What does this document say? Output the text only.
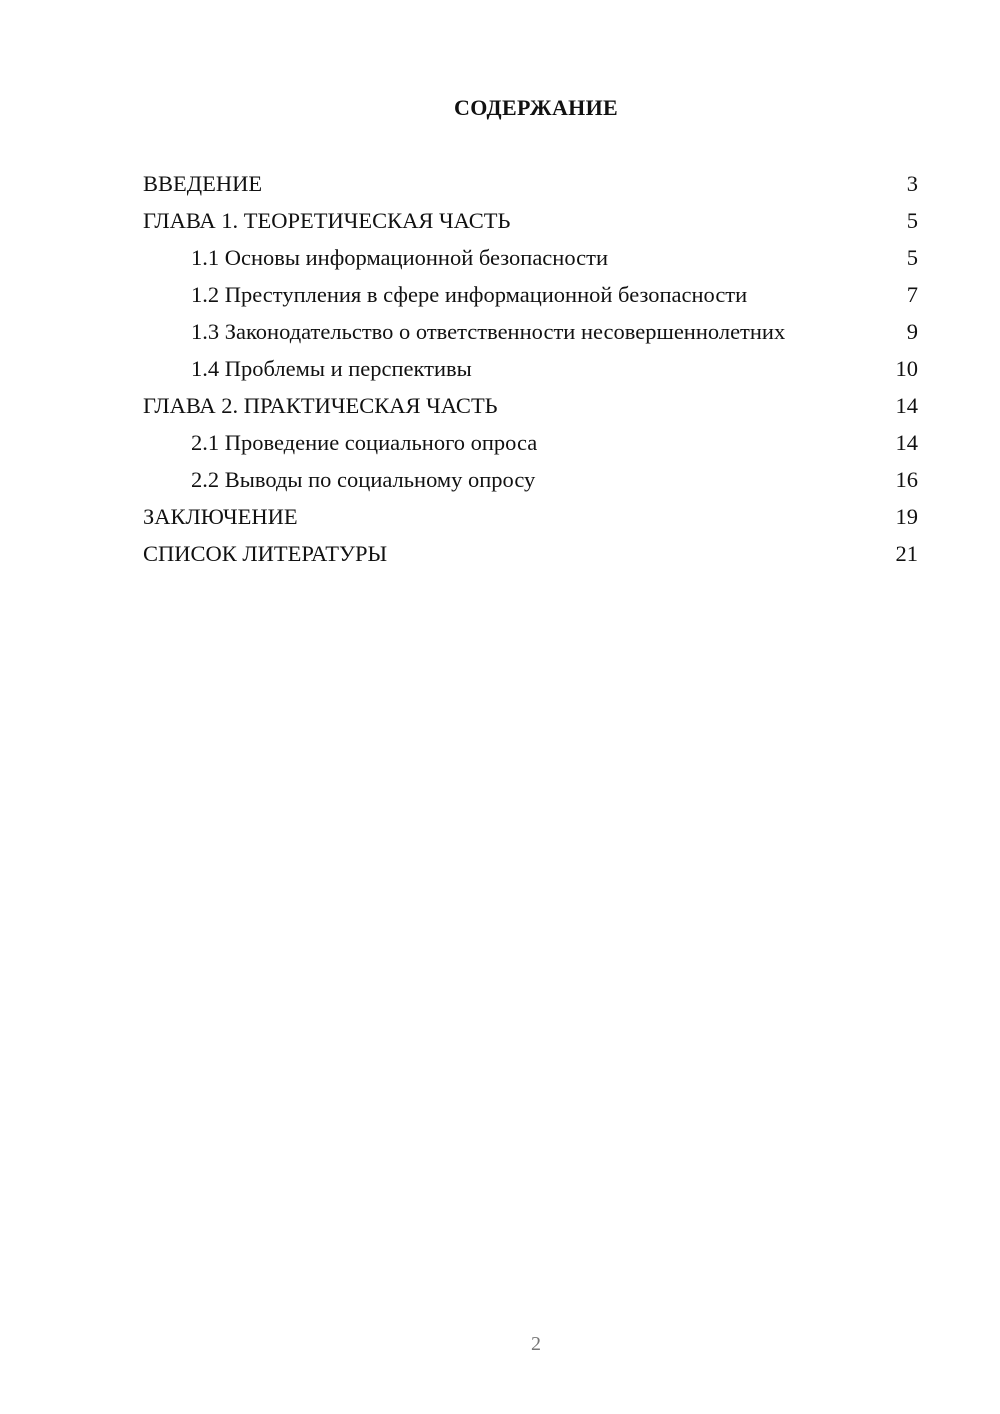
СОДЕРЖАНИЕ
ВВЕДЕНИЕ	3
ГЛАВА 1. ТЕОРЕТИЧЕСКАЯ ЧАСТЬ	5
1.1 Основы информационной безопасности	5
1.2 Преступления в сфере информационной безопасности	7
1.3 Законодательство о ответственности несовершеннолетних	9
1.4 Проблемы и перспективы	10
ГЛАВА 2. ПРАКТИЧЕСКАЯ ЧАСТЬ	14
2.1 Проведение социального опроса	14
2.2 Выводы по социальному опросу	16
ЗАКЛЮЧЕНИЕ	19
СПИСОК ЛИТЕРАТУРЫ	21
2
